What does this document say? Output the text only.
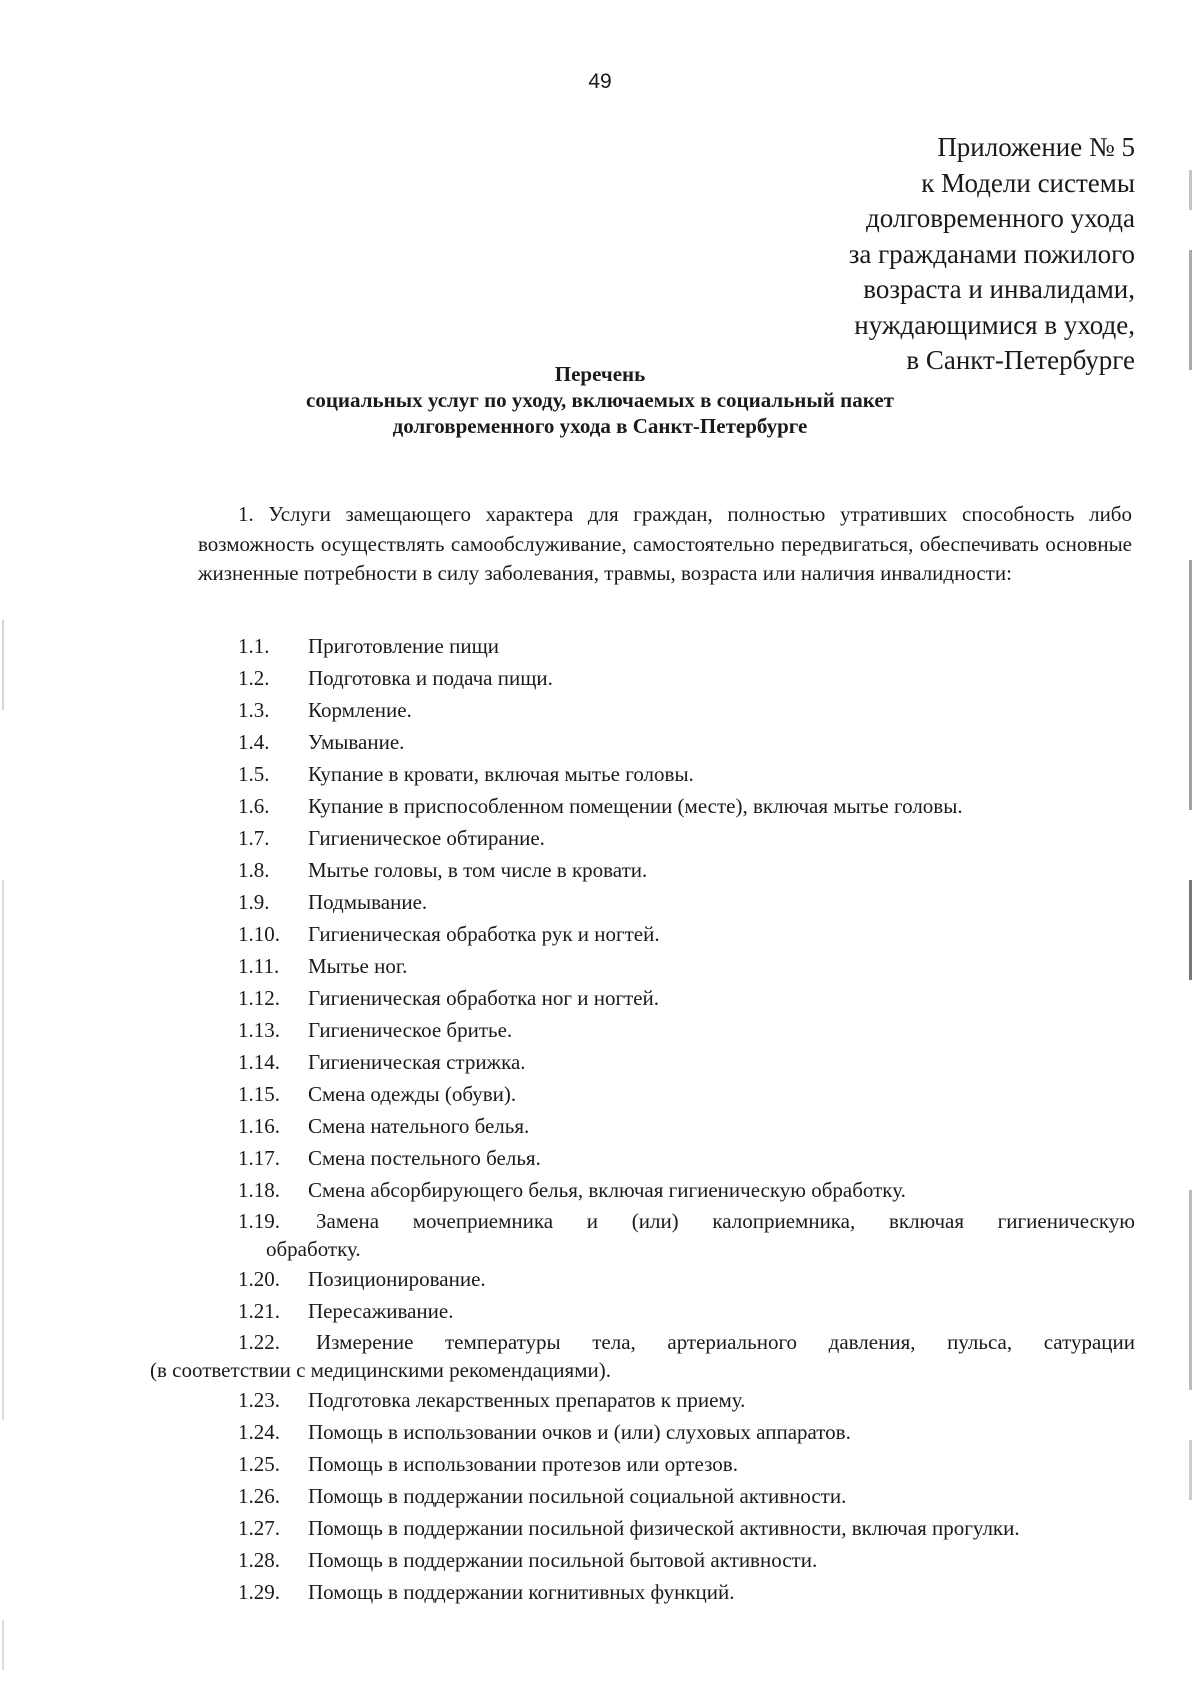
49
Приложение № 5
к Модели системы
долговременного ухода
за гражданами пожилого
возраста и инвалидами,
нуждающимися в уходе,
в Санкт-Петербурге
Перечень
социальных услуг по уходу, включаемых в социальный пакет
долговременного ухода в Санкт-Петербурге
1. Услуги замещающего характера для граждан, полностью утративших способность либо возможность осуществлять самообслуживание, самостоятельно передвигаться, обеспечивать основные жизненные потребности в силу заболевания, травмы, возраста или наличия инвалидности:
1.1. Приготовление пищи
1.2. Подготовка и подача пищи.
1.3. Кормление.
1.4. Умывание.
1.5. Купание в кровати, включая мытье головы.
1.6. Купание в приспособленном помещении (месте), включая мытье головы.
1.7. Гигиеническое обтирание.
1.8. Мытье головы, в том числе в кровати.
1.9. Подмывание.
1.10. Гигиеническая обработка рук и ногтей.
1.11. Мытье ног.
1.12. Гигиеническая обработка ног и ногтей.
1.13. Гигиеническое бритье.
1.14. Гигиеническая стрижка.
1.15. Смена одежды (обуви).
1.16. Смена нательного белья.
1.17. Смена постельного белья.
1.18. Смена абсорбирующего белья, включая гигиеническую обработку.
1.19.	Замена мочеприемника и (или) калоприемника, включая гигиеническую
обработку.
1.20. Позиционирование.
1.21. Пересаживание.
1.22.	Измерение температуры тела, артериального давления, пульса, сатурации
(в соответствии с медицинскими рекомендациями).
1.23. Подготовка лекарственных препаратов к приему.
1.24. Помощь в использовании очков и (или) слуховых аппаратов.
1.25. Помощь в использовании протезов или ортезов.
1.26. Помощь в поддержании посильной социальной активности.
1.27. Помощь в поддержании посильной физической активности, включая прогулки.
1.28. Помощь в поддержании посильной бытовой активности.
1.29. Помощь в поддержании когнитивных функций.
